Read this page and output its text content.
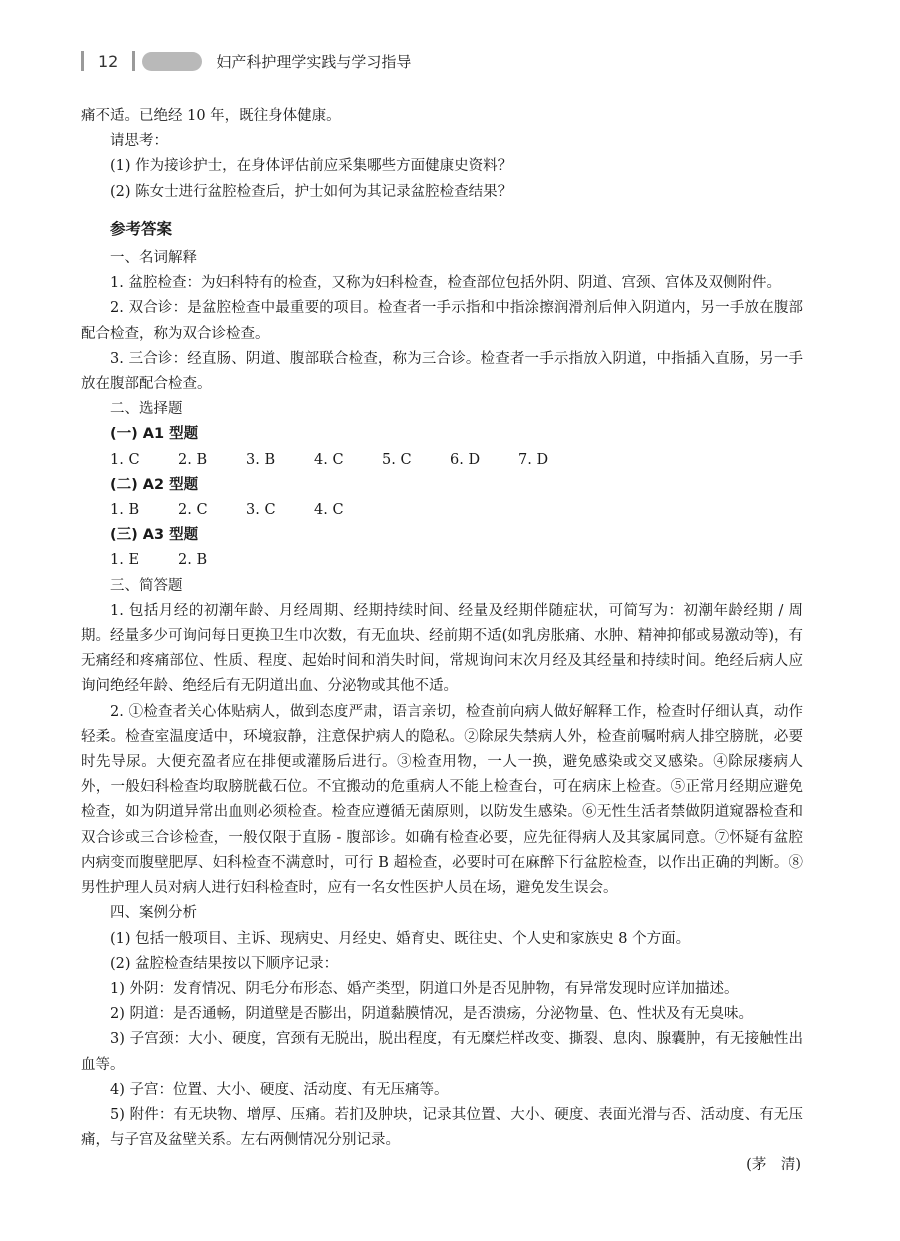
12	妇产科护理学实践与学习指导

痛不适。已绝经 10 年，既往身体健康。

请思考：

(1) 作为接诊护士，在身体评估前应采集哪些方面健康史资料？

(2) 陈女士进行盆腔检查后，护士如何为其记录盆腔检查结果？

参考答案
一、名词解释

1. 盆腔检查：为妇科特有的检查，又称为妇科检查，检查部位包括外阴、阴道、宫颈、宫体及双侧附件。

2. 双合诊：是盆腔检查中最重要的项目。检查者一手示指和中指涂擦润滑剂后伸入阴道内，另一手放在腹部配合检查，称为双合诊检查。

3. 三合诊：经直肠、阴道、腹部联合检查，称为三合诊。检查者一手示指放入阴道，中指插入直肠，另一手放在腹部配合检查。

二、选择题
(一) A1 型题
1. C	2. B	3. B	4. C	5. C	6. D	7. D
(二) A2 型题
1. B	2. C	3. C	4. C
(三) A3 型题
1. E	2. B
三、简答题

1. 包括月经的初潮年龄、月经周期、经期持续时间、经量及经期伴随症状，可简写为：初潮年龄经期 / 周期。经量多少可询问每日更换卫生巾次数，有无血块、经前期不适(如乳房胀痛、水肿、精神抑郁或易激动等)，有无痛经和疼痛部位、性质、程度、起始时间和消失时间，常规询问末次月经及其经量和持续时间。绝经后病人应询问绝经年龄、绝经后有无阴道出血、分泌物或其他不适。

2. ①检查者关心体贴病人，做到态度严肃，语言亲切，检查前向病人做好解释工作，检查时仔细认真，动作轻柔。检查室温度适中，环境寂静，注意保护病人的隐私。②除尿失禁病人外，检查前嘱咐病人排空膀胱，必要时先导尿。大便充盈者应在排便或灌肠后进行。③检查用物，一人一换，避免感染或交叉感染。④除尿瘘病人外，一般妇科检查均取膀胱截石位。不宜搬动的危重病人不能上检查台，可在病床上检查。⑤正常月经期应避免检查，如为阴道异常出血则必须检查。检查应遵循无菌原则，以防发生感染。⑥无性生活者禁做阴道窥器检查和双合诊或三合诊检查，一般仅限于直肠 - 腹部诊。如确有检查必要，应先征得病人及其家属同意。⑦怀疑有盆腔内病变而腹壁肥厚、妇科检查不满意时，可行 B 超检查，必要时可在麻醉下行盆腔检查，以作出正确的判断。⑧男性护理人员对病人进行妇科检查时，应有一名女性医护人员在场，避免发生误会。

四、案例分析

(1) 包括一般项目、主诉、现病史、月经史、婚育史、既往史、个人史和家族史 8 个方面。

(2) 盆腔检查结果按以下顺序记录：

1) 外阴：发育情况、阴毛分布形态、婚产类型，阴道口外是否见肿物，有异常发现时应详加描述。

2) 阴道：是否通畅，阴道壁是否膨出，阴道黏膜情况，是否溃疡，分泌物量、色、性状及有无臭味。

3) 子宫颈：大小、硬度，宫颈有无脱出，脱出程度，有无糜烂样改变、撕裂、息肉、腺囊肿，有无接触性出血等。

4) 子宫：位置、大小、硬度、活动度、有无压痛等。

5) 附件：有无块物、增厚、压痛。若扪及肿块，记录其位置、大小、硬度、表面光滑与否、活动度、有无压痛，与子宫及盆壁关系。左右两侧情况分别记录。

(茅　清)
